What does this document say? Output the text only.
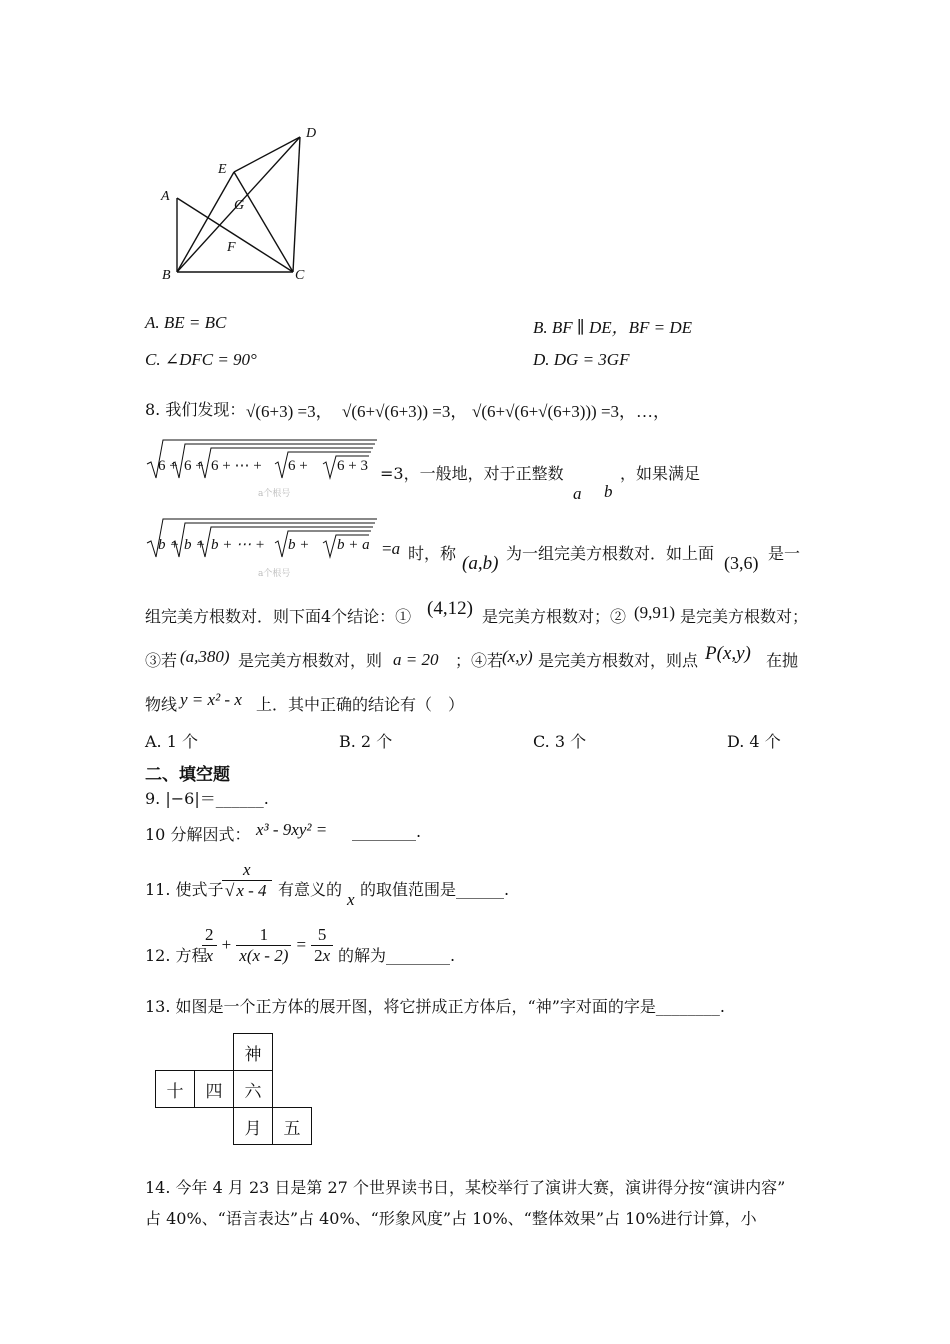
A
B	C
D
E
F
G
A. BE = BC	B. BF ∥ DE，BF = DE
C. ∠DFC = 90°	D. DG = 3GF
8. 我们发现： √(6+3) =3， √(6+√(6+3)) =3， √(6+√(6+√(6+3))) =3，…，
6 + 6 + 6 + ⋯ + 6 + 6 + 3
a个根号
=3，一般地，对于正整数
a b
，如果满足
b + b + b + ⋯ + b + b + a
a个根号
=a 时，称 (a,b) 为一组完美方根数对．如上面 (3,6) 是一
组完美方根数对．则下面4个结论：① (4,12) 是完美方根数对；② (9,91) 是完美方根数对；
③若 (a,380) 是完美方根数对，则 a = 20 ；④若
(x,y) 是完美方根数对，则点 P(x,y) 在抛
物线 y = x² - x 上．其中正确的结论有（　）
A. 1 个	B. 2 个	C. 3 个	D. 4 个
二、填空题
9. |−6|＝______.
10 分解因式： x³ - 9xy² = ________.
11. 使式子
$\frac{x}{√ x - 4}$ 有意义的
x
的取值范围是______.
12. 方程
$\frac{2}{x} + \frac{1}{x(x - 2)} = \frac{5}{2x}$ 的解为________.
13. 如图是一个正方体的展开图，将它拼成正方体后，“神”字对面的字是________.
		神	
十	四	六	
		月	五
14. 今年 4 月 23 日是第 27 个世界读书日，某校举行了演讲大赛，演讲得分按“演讲内容”
占 40%、“语言表达”占 40%、“形象风度”占 10%、“整体效果”占 10%进行计算，小
